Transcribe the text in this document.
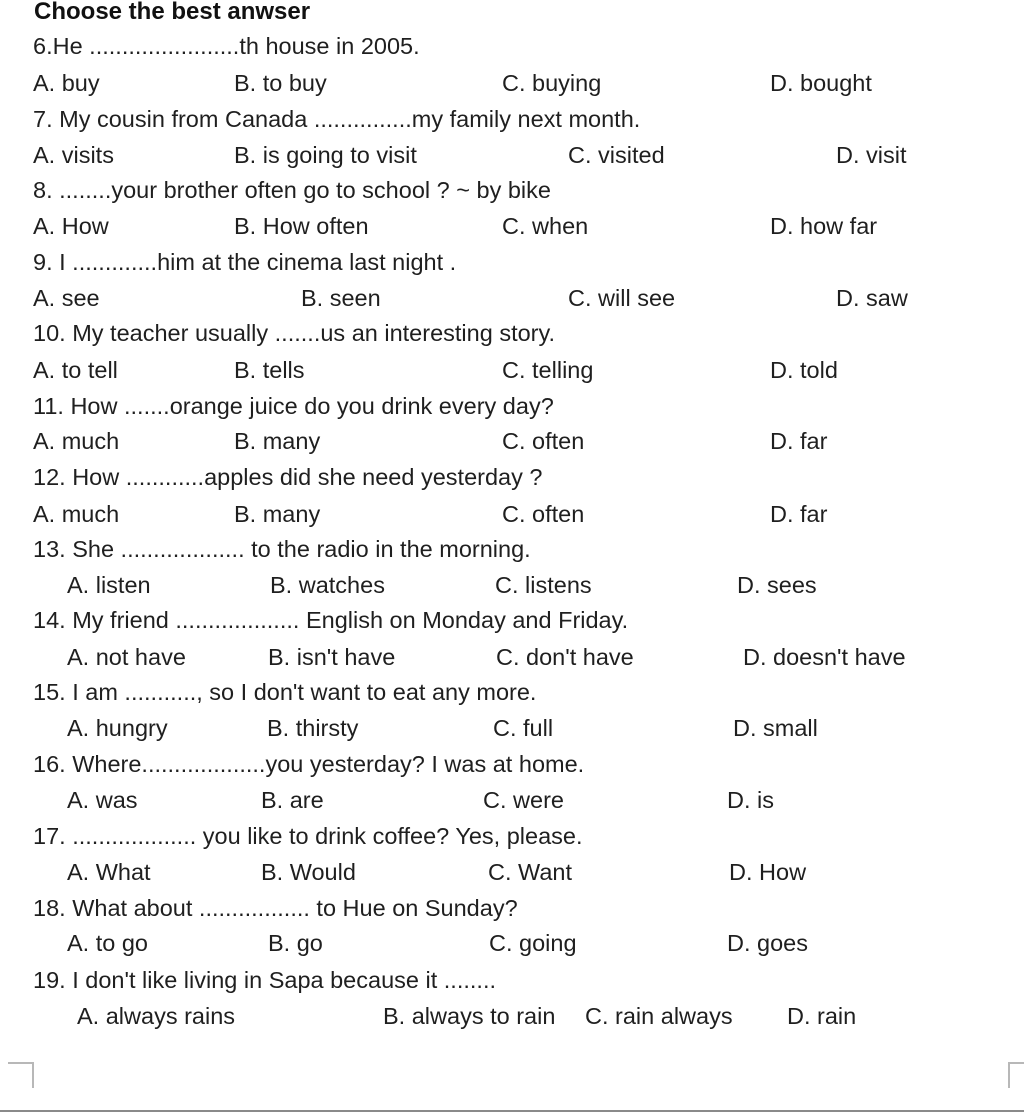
Choose the best anwser
6.He .......................th house in 2005.
A. buy	B. to buy	C. buying	D. bought
7. My cousin from Canada ...............my family next month.
A. visits	B. is going to visit	C. visited	D. visit
8. ........your brother often go to school ? ~ by bike
A. How	B. How often	C. when	D. how far
9. I .............him at the cinema last night .
A. see	B. seen	C. will see	D. saw
10. My teacher usually .......us an interesting story.
A. to tell	B. tells	C. telling	D. told
11. How .......orange juice do you drink every day?
A. much	B. many	C. often	D. far
12. How ............apples did she need yesterday ?
A. much	B. many	C. often	D. far
13. She ................... to the radio in the morning.
A. listen	B. watches	C. listens	D. sees
14. My friend ................... English on Monday and Friday.
A. not have	B. isn't have	C. don't have	D. doesn't have
15. I am ..........., so I don't want to eat any more.
A. hungry	B. thirsty	C. full	D. small
16. Where...................you yesterday? I was at home.
A. was	B. are	C. were	D. is
17. ................... you like to drink coffee? Yes, please.
A. What	B. Would	C. Want	D. How
18. What about ................. to Hue on Sunday?
A. to go	B. go	C. going	D. goes
19. I don't like living in Sapa because it ........
A. always rains	B. always to rain C. rain always D. rain
